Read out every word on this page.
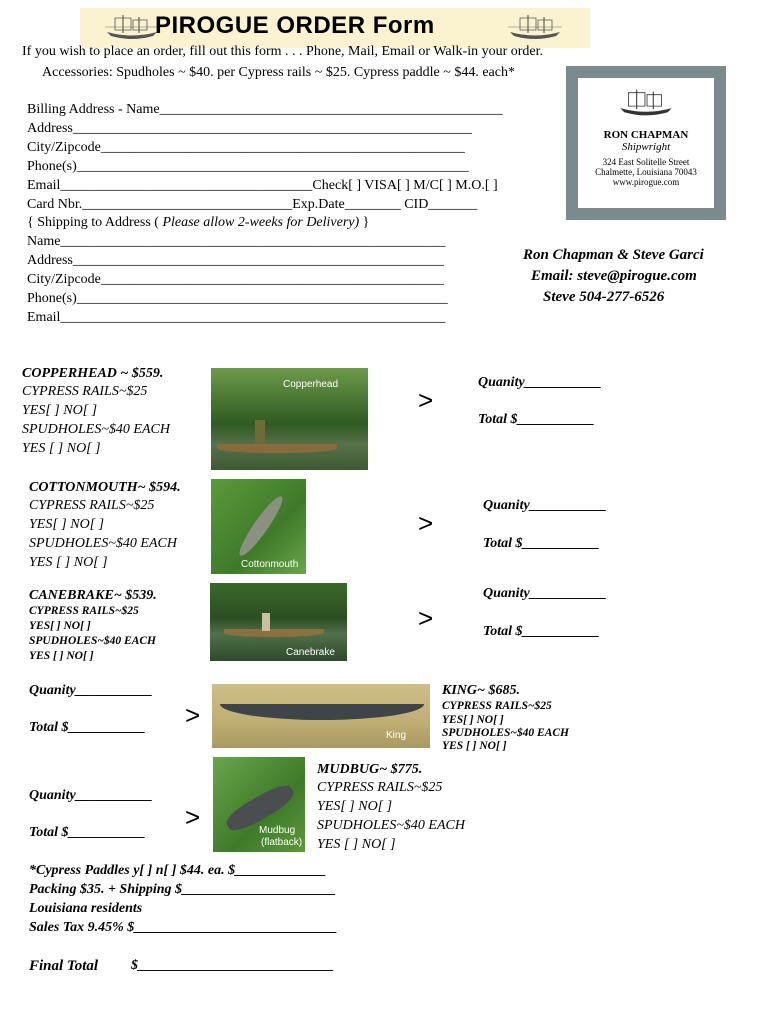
PIROGUE ORDER Form
If you wish to place an order, fill out this form . . . Phone, Mail, Email or Walk-in your order.
Accessories: Spudholes ~ $40. per Cypress rails ~ $25. Cypress paddle ~ $44. each*
Billing Address - Name_________________________________________________
Address_________________________________________________________
City/Zipcode____________________________________________________
Phone(s)________________________________________________________
Email____________________________________Check[ ] VISA[ ] M/C[ ] M.O.[ ]
Card Nbr.______________________________Exp.Date________ CID_______
{ Shipping to Address ( Please allow 2-weeks for Delivery) }
Name_______________________________________________________
Address_____________________________________________________
City/Zipcode_________________________________________________
Phone(s)_____________________________________________________
Email_______________________________________________________
RON CHAPMAN
Shipwright
324 East Solitelle Street
Chalmette, Louisiana 70043
www.pirogue.com
Ron Chapman & Steve Garci
Email: steve@pirogue.com
Steve 504-277-6526
COPPERHEAD ~ $559.
CYPRESS RAILS~$25
YES[ ] NO[ ]
SPUDHOLES~$40 EACH
YES [ ] NO[ ]
Copperhead
>
Quanity___________
Total $___________
COTTONMOUTH~ $594.
CYPRESS RAILS~$25
YES[ ] NO[ ]
SPUDHOLES~$40 EACH
YES [ ] NO[ ]	Cottonmouth
>
Quanity___________
Total $___________
CANEBRAKE~ $539.
CYPRESS RAILS~$25
YES[ ] NO[ ]
SPUDHOLES~$40 EACH
YES [ ] NO[ ]	Canebrake
>
Quanity___________
Total $___________
Quanity___________
Total $___________ >
King
KING~ $685.
CYPRESS RAILS~$25
YES[ ] NO[ ]
SPUDHOLES~$40 EACH
YES [ ] NO[ ]
Quanity___________
Total $___________
>	Mudbug
(flatback)
MUDBUG~ $775.
CYPRESS RAILS~$25
YES[ ] NO[ ]
SPUDHOLES~$40 EACH
YES [ ] NO[ ]
*Cypress Paddles y[ ] n[ ] $44. ea. $_____________
Packing $35. + Shipping $______________________
Louisiana residents
Sales Tax 9.45% $_____________________________
Final Total $____________________________
